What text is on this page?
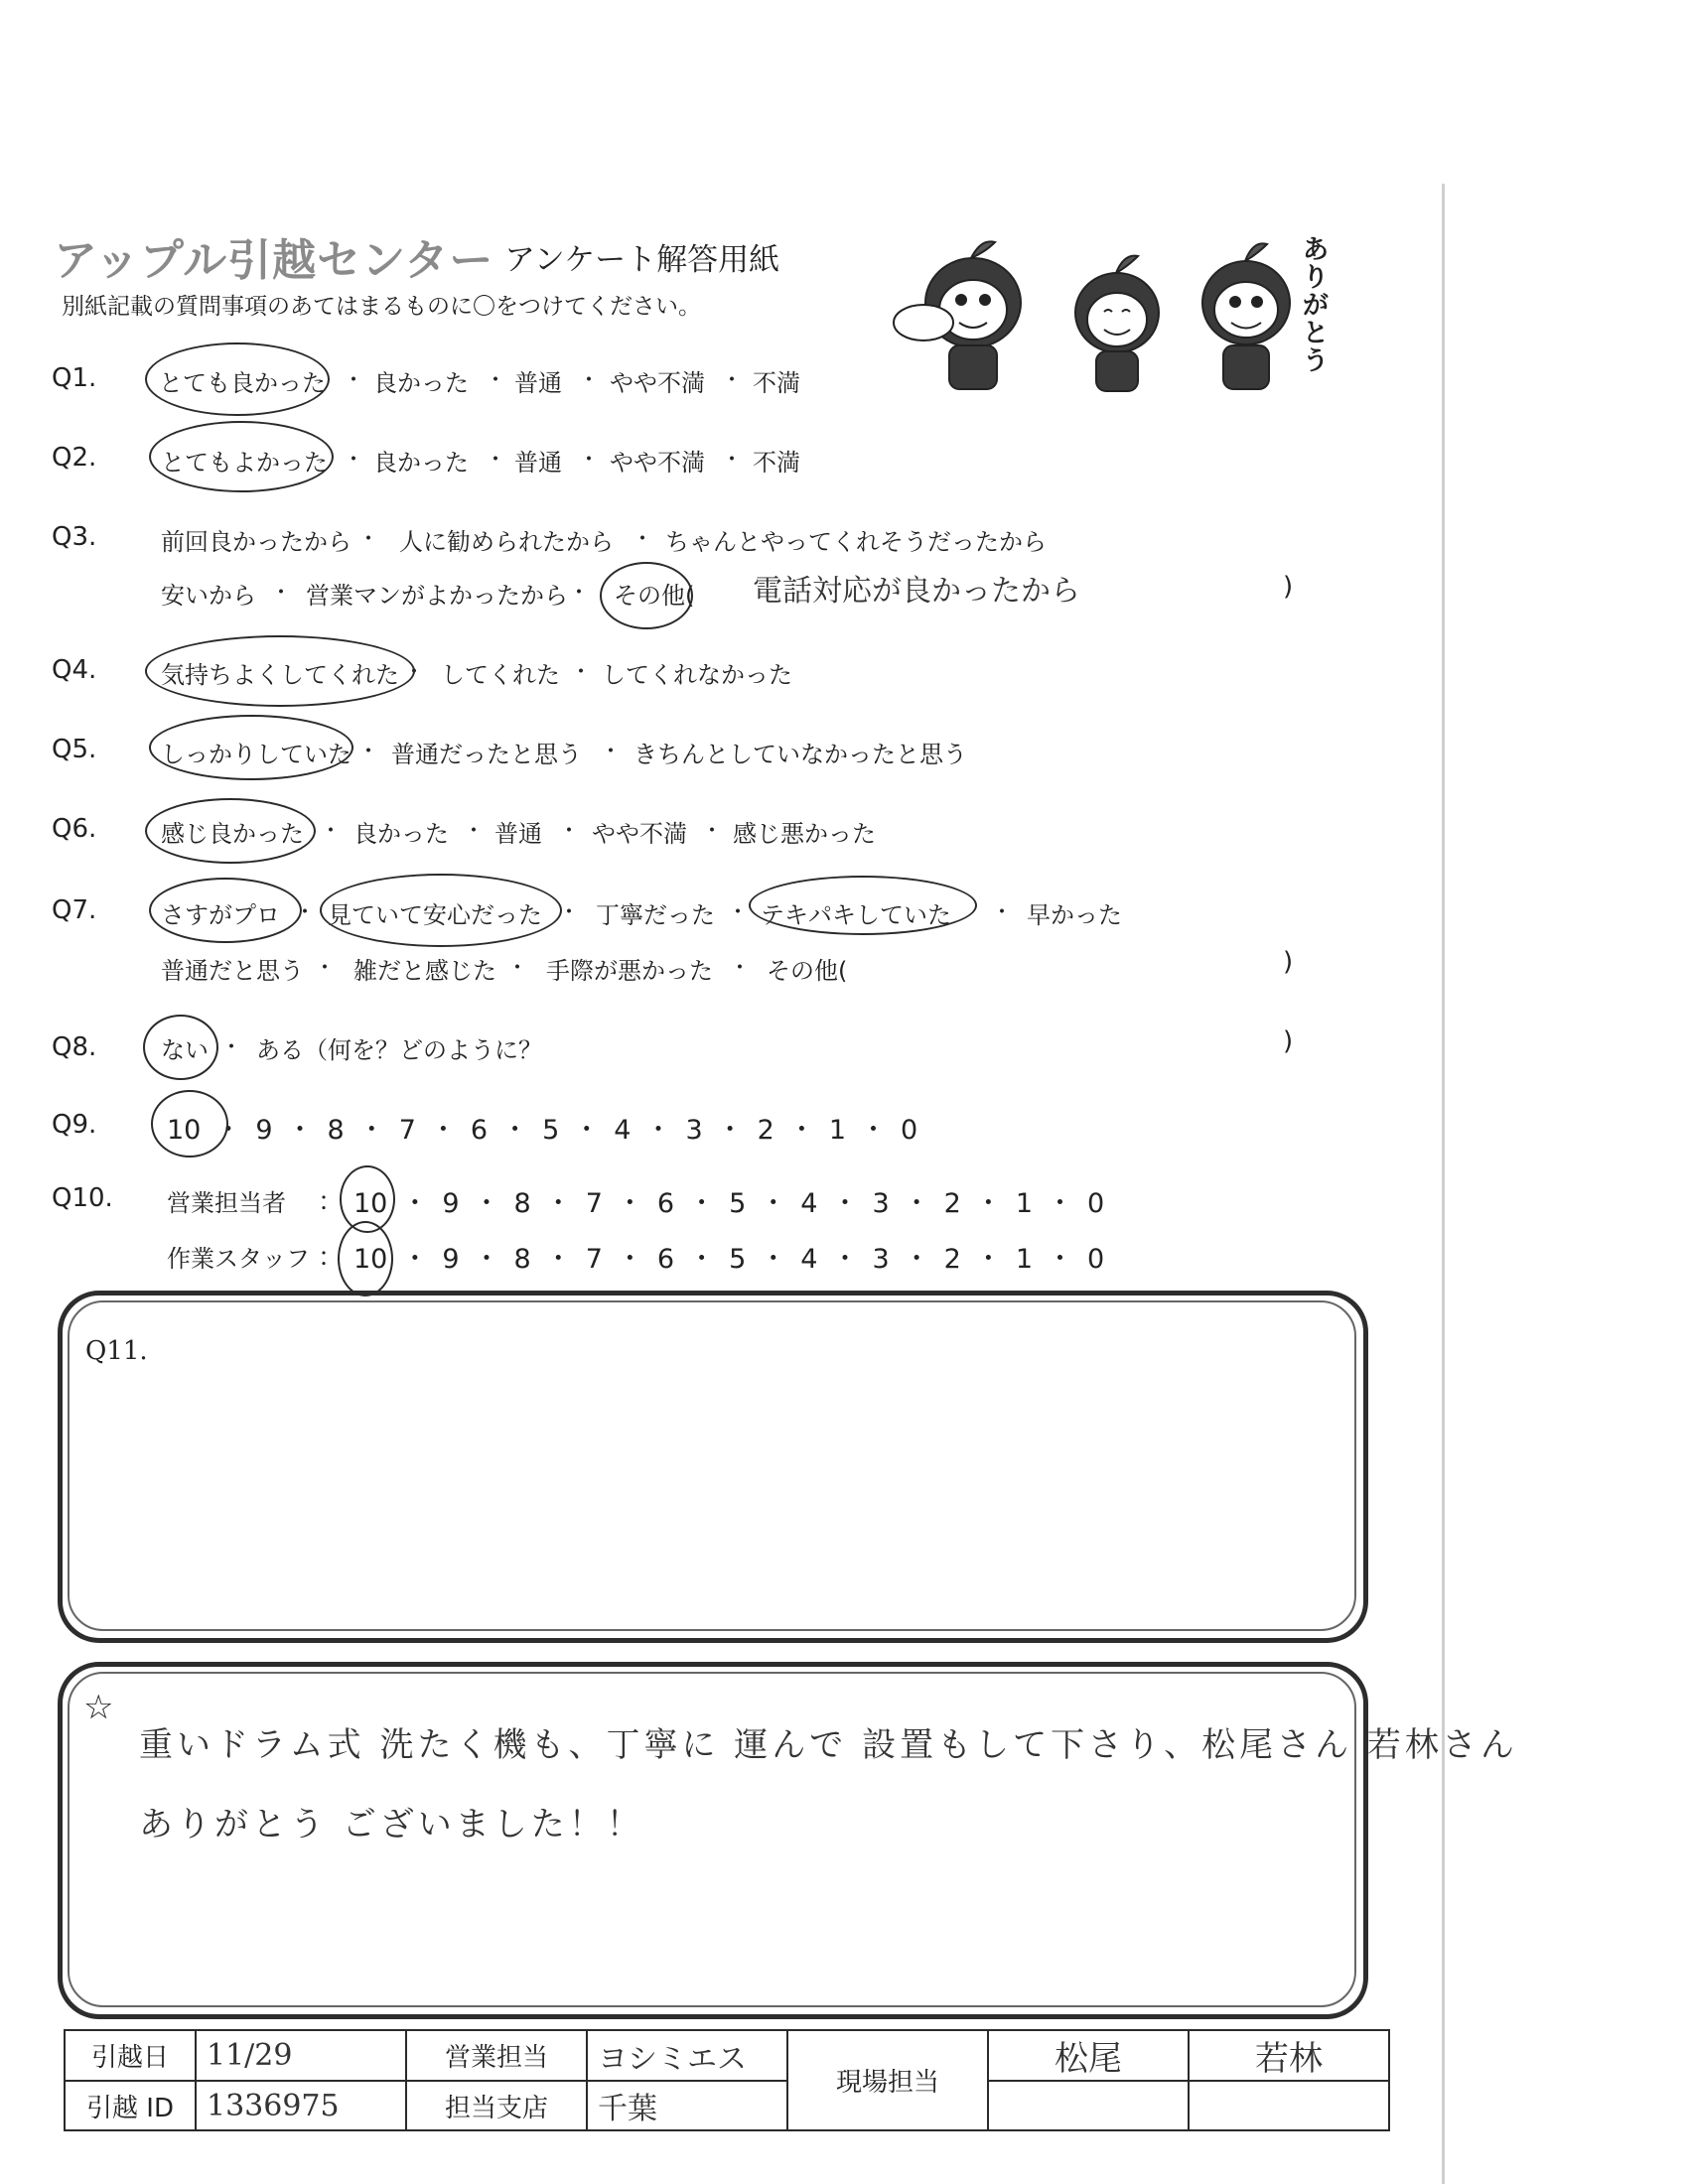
アップル引越センター アンケート解答用紙
別紙記載の質問事項のあてはまるものに〇をつけてください。
ありがとう
Q1.	とても良かった ・ 良かった ・ 普通 ・ やや不満 ・ 不満
Q2.	とてもよかった ・ 良かった ・ 普通 ・ やや不満 ・ 不満
Q3.	前回良かったから ・ 人に勧められたから ・ ちゃんとやってくれそうだったから
安いから ・ 営業マンがよかったから ・ その他( 電話対応が良かったから	)
Q4.	気持ちよくしてくれた ・ してくれた ・ してくれなかった
Q5.	しっかりしていた ・ 普通だったと思う ・ きちんとしていなかったと思う
Q6.	感じ良かった ・ 良かった ・ 普通 ・ やや不満 ・ 感じ悪かった
Q7.	さすがプロ ・ 見ていて安心だった ・ 丁寧だった ・ テキパキしていた ・ 早かった
普通だと思う ・ 雑だと感じた ・ 手際が悪かった ・ その他(	)
Q8.	ない ・ ある（何を？どのように？	)
Q9.	10 ・ 9 ・ 8 ・ 7 ・ 6 ・ 5 ・ 4 ・ 3 ・ 2 ・ 1 ・ 0
Q10. 営業担当者 ： 10 ・ 9 ・ 8 ・ 7 ・ 6 ・ 5 ・ 4 ・ 3 ・ 2 ・ 1 ・ 0
作業スタッフ ： 10 ・ 9 ・ 8 ・ 7 ・ 6 ・ 5 ・ 4 ・ 3 ・ 2 ・ 1 ・ 0
Q11.
☆
重いドラム式 洗たく機も、丁寧に 運んで 設置もして下さり、松尾さん 若林さん
ありがとう ございました！！
引越日	11/29	営業担当	ヨシミエス	現場担当	松尾	若林
引越 ID	1336975	担当支店	千葉			
